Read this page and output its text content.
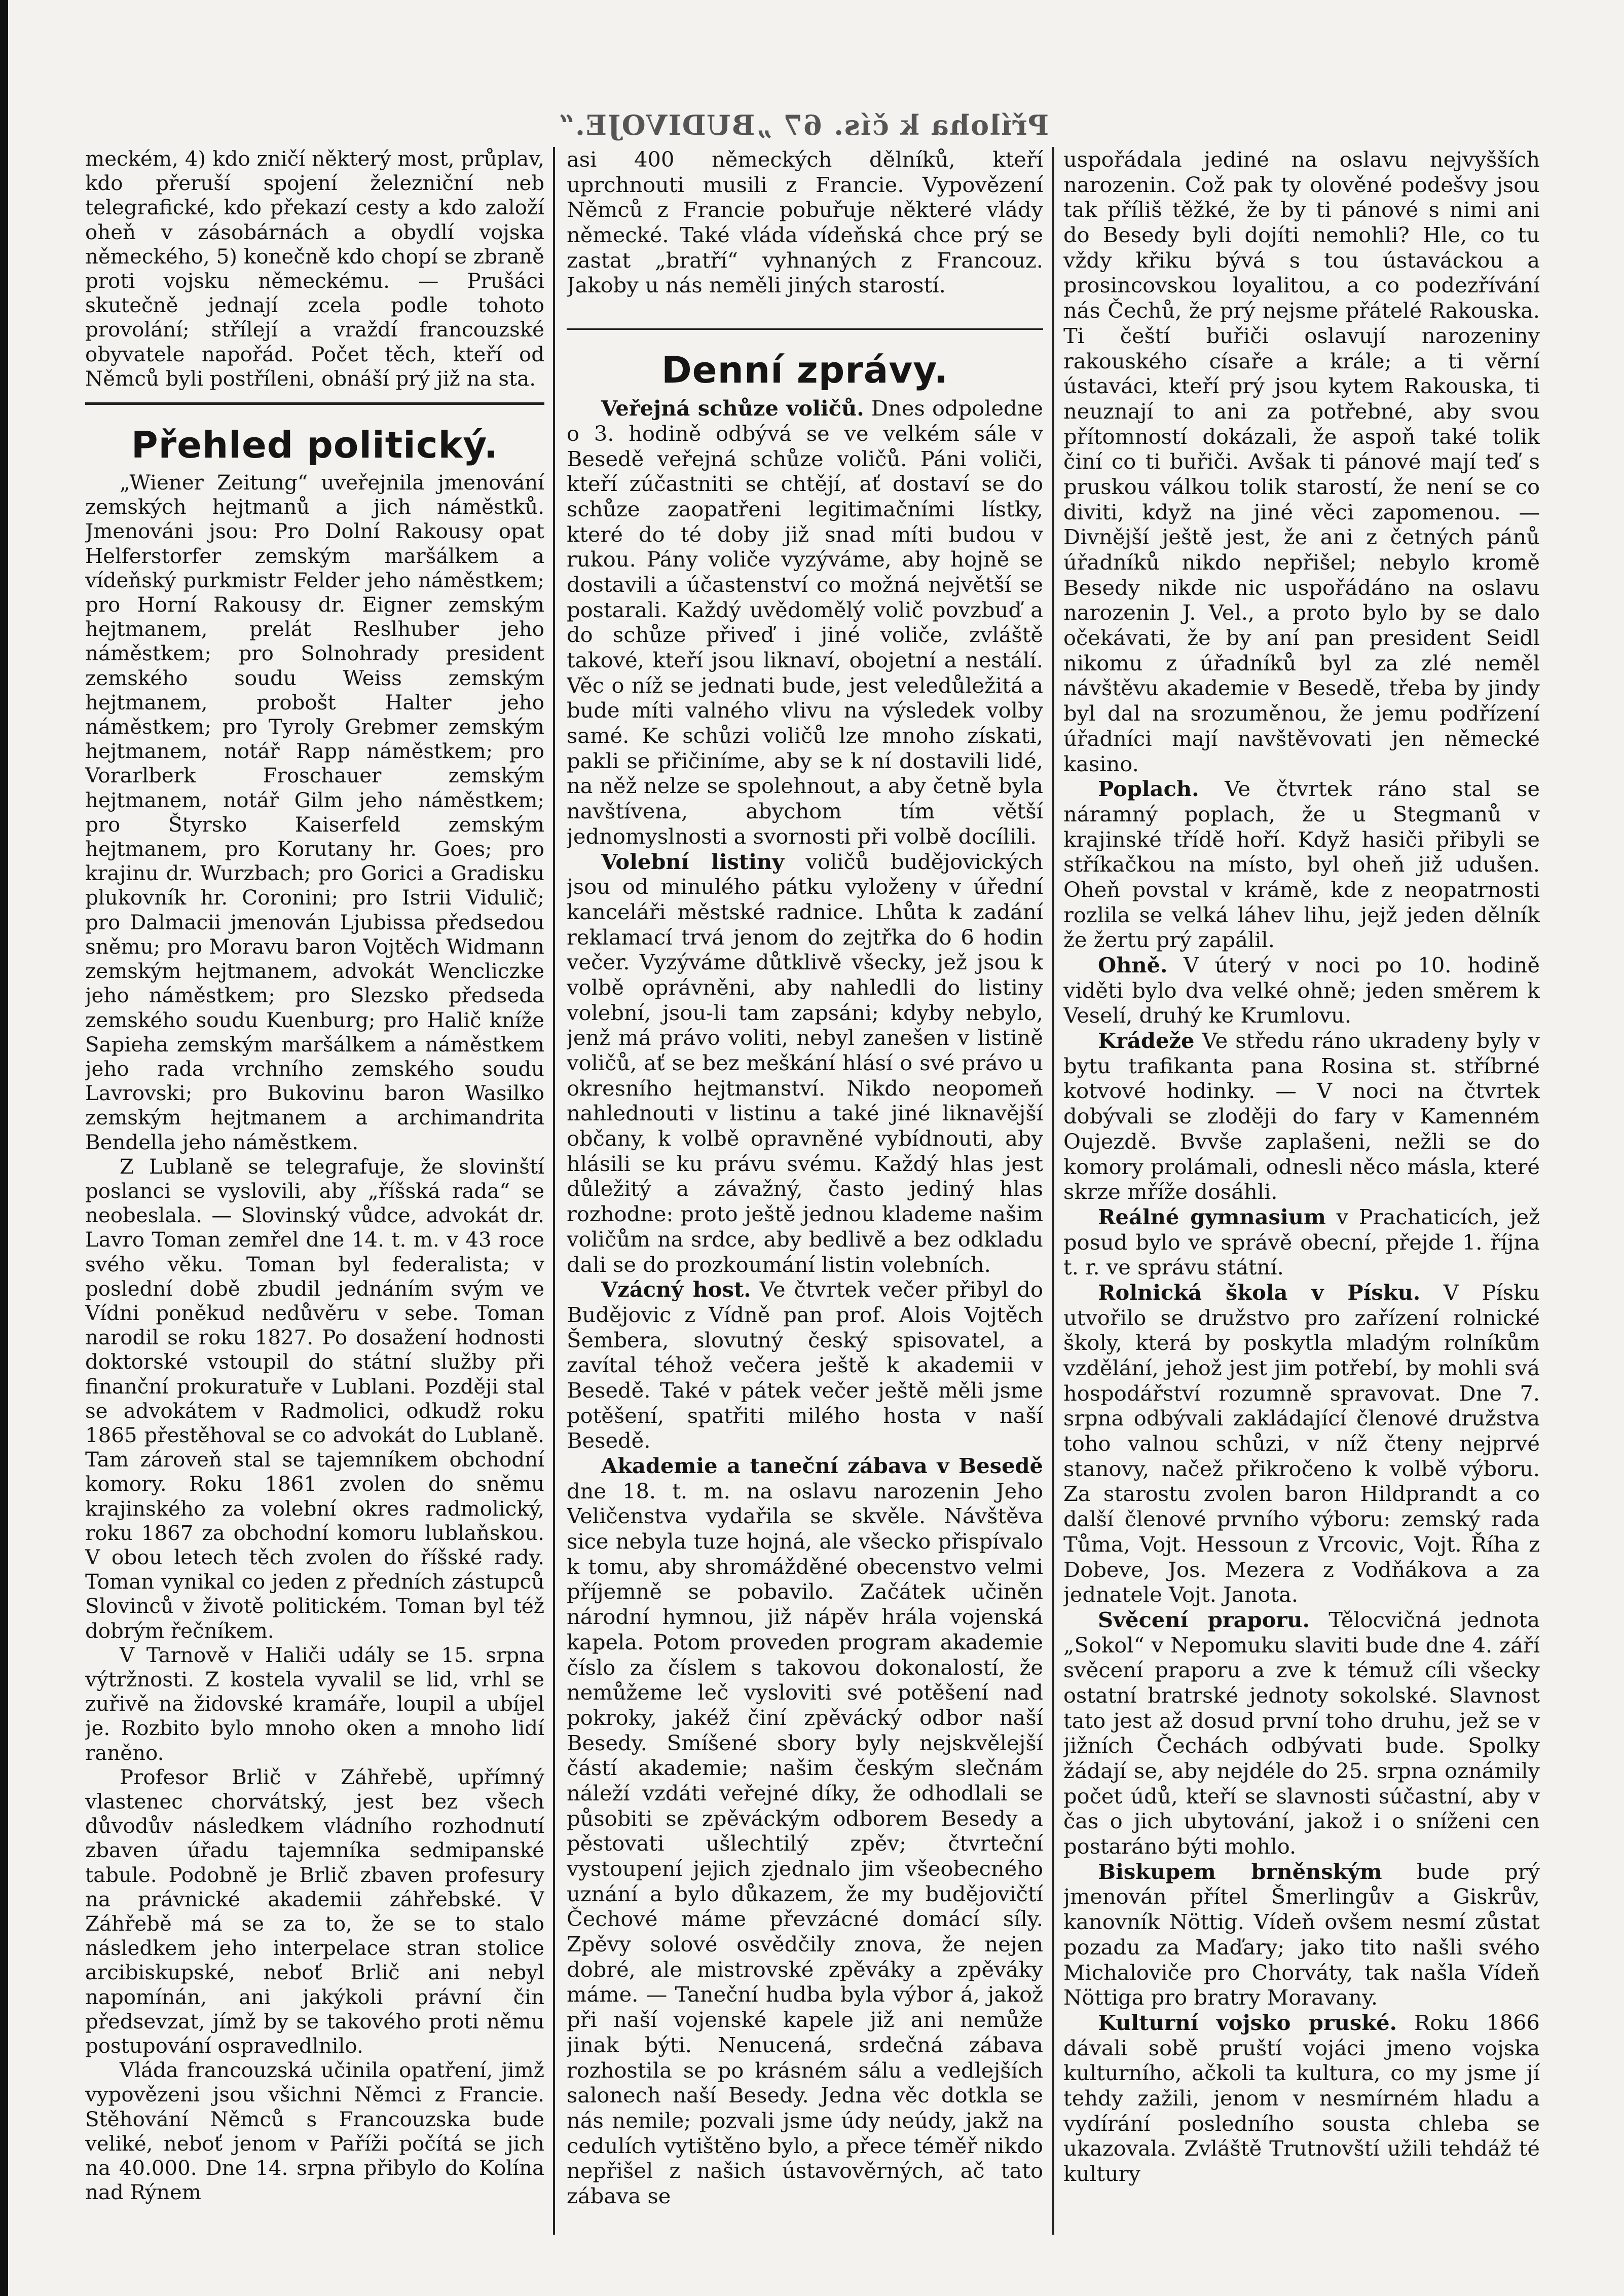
Příloha k čís. 67 „BUDIVOJE.“

meckém, 4) kdo zničí některý most, průplav, kdo přeruší spojení železniční neb telegrafické, kdo překazí cesty a kdo založí oheň v zásobárnách a obydlí vojska německého, 5) konečně kdo chopí se zbraně proti vojsku německému. — Prušáci skutečně jednají zcela podle tohoto provolání; střílejí a vraždí francouzské obyvatele napořád. Počet těch, kteří od Němců byli postříleni, obnáší prý již na sta.

Přehled politický.

„Wiener Zeitung“ uveřejnila jmenování zemských hejtmanů a jich náměstků. Jmenováni jsou: Pro Dolní Rakousy opat Helferstorfer zemským maršálkem a vídeňský purkmistr Felder jeho náměstkem; pro Horní Rakousy dr. Eigner zemským hejtmanem, prelát Reslhuber jeho náměstkem; pro Solnohrady president zemského soudu Weiss zemským hejtmanem, probošt Halter jeho náměstkem; pro Tyroly Grebmer zemským hejtmanem, notář Rapp náměstkem; pro Vorarlberk Froschauer zemským hejtmanem, notář Gilm jeho náměstkem; pro Štyrsko Kaiserfeld zemským hejtmanem, pro Korutany hr. Goes; pro krajinu dr. Wurzbach; pro Gorici a Gradisku plukovník hr. Coronini; pro Istrii Vidulič; pro Dalmacii jmenován Ljubissa předsedou sněmu; pro Moravu baron Vojtěch Widmann zemským hejtmanem, advokát Wencliczke jeho náměstkem; pro Slezsko předseda zemského soudu Kuenburg; pro Halič kníže Sapieha zemským maršálkem a náměstkem jeho rada vrchního zemského soudu Lavrovski; pro Bukovinu baron Wasilko zemským hejtmanem a archimandrita Bendella jeho náměstkem.

Z Lublaně se telegrafuje, že slovinští poslanci se vyslovili, aby „říšská rada“ se neobeslala. — Slovinský vůdce, advokát dr. Lavro Toman zemřel dne 14. t. m. v 43 roce svého věku. Toman byl federalista; v poslední době zbudil jednáním svým ve Vídni poněkud nedůvěru v sebe. Toman narodil se roku 1827. Po dosažení hodnosti doktorské vstoupil do státní služby při finanční prokuratuře v Lublani. Později stal se advokátem v Radmolici, odkudž roku 1865 přestěhoval se co advokát do Lublaně. Tam zároveň stal se tajemníkem obchodní komory. Roku 1861 zvolen do sněmu krajinského za volební okres radmolický, roku 1867 za obchodní komoru lublaňskou. V obou letech těch zvolen do říšské rady. Toman vynikal co jeden z předních zástupců Slovinců v životě politickém. Toman byl též dobrým řečníkem.

V Tarnově v Haliči udály se 15. srpna výtržnosti. Z kostela vyvalil se lid, vrhl se zuřivě na židovské kramáře, loupil a ubíjel je. Rozbito bylo mnoho oken a mnoho lidí raněno.

Profesor Brlič v Záhřebě, upřímný vlastenec chorvátský, jest bez všech důvodův následkem vládního rozhodnutí zbaven úřadu tajemníka sedmipanské tabule. Podobně je Brlič zbaven profesury na právnické akademii záhřebské. V Záhřebě má se za to, že se to stalo následkem jeho interpelace stran stolice arcibiskupské, neboť Brlič ani nebyl napomínán, ani jakýkoli právní čin předsevzat, jímž by se takového proti němu postupování ospravedlnilo.

Vláda francouzská učinila opatření, jimž vypovězeni jsou všichni Němci z Francie. Stěhování Němců s Francouzska bude veliké, neboť jenom v Paříži počítá se jich na 40.000. Dne 14. srpna přibylo do Kolína nad Rýnem

asi 400 německých dělníků, kteří uprchnouti musili z Francie. Vypovězení Němců z Francie pobuřuje některé vlády německé. Také vláda vídeňská chce prý se zastat „bratří“ vyhnaných z Francouz. Jakoby u nás neměli jiných starostí.

Denní zprávy.

Veřejná schůze voličů. Dnes odpoledne o 3. hodině odbývá se ve velkém sále v Besedě veřejná schůze voličů. Páni voliči, kteří zúčastniti se chtějí, ať dostaví se do schůze zaopatřeni legitimačními lístky, které do té doby již snad míti budou v rukou. Pány voliče vyzýváme, aby hojně se dostavili a účastenství co možná největší se postarali. Každý uvědomělý volič povzbuď a do schůze přiveď i jiné voliče, zvláště takové, kteří jsou liknaví, obojetní a nestálí. Věc o níž se jednati bude, jest veledůležitá a bude míti valného vlivu na výsledek volby samé. Ke schůzi voličů lze mnoho získati, pakli se přičiníme, aby se k ní dostavili lidé, na něž nelze se spolehnout, a aby četně byla navštívena, abychom tím větší jednomyslnosti a svornosti při volbě docílili.

Volební listiny voličů budějovických jsou od minulého pátku vyloženy v úřední kanceláři městské radnice. Lhůta k zadání reklamací trvá jenom do zejtřka do 6 hodin večer. Vyzýváme důtklivě všecky, jež jsou k volbě oprávněni, aby nahledli do listiny volební, jsou-li tam zapsáni; kdyby nebylo, jenž má právo voliti, nebyl zanešen v listině voličů, ať se bez meškání hlásí o své právo u okresního hejtmanství. Nikdo neopomeň nahlednouti v listinu a také jiné liknavější občany, k volbě opravněné vybídnouti, aby hlásili se ku právu svému. Každý hlas jest důležitý a závažný, často jediný hlas rozhodne: proto ještě jednou klademe našim voličům na srdce, aby bedlivě a bez odkladu dali se do prozkoumání listin volebních.

Vzácný host. Ve čtvrtek večer přibyl do Budějovic z Vídně pan prof. Alois Vojtěch Šembera, slovutný český spisovatel, a zavítal téhož večera ještě k akademii v Besedě. Také v pátek večer ještě měli jsme potěšení, spatřiti milého hosta v naší Besedě.

Akademie a taneční zábava v Besedě dne 18. t. m. na oslavu narozenin Jeho Veličenstva vydařila se skvěle. Návštěva sice nebyla tuze hojná, ale všecko přispívalo k tomu, aby shromážděné obecenstvo velmi příjemně se pobavilo. Začátek učiněn národní hymnou, již nápěv hrála vojenská kapela. Potom proveden program akademie číslo za číslem s takovou dokonalostí, že nemůžeme leč vysloviti své potěšení nad pokroky, jakéž činí zpěvácký odbor naší Besedy. Smíšené sbory byly nejskvělejší částí akademie; našim českým slečnám náleží vzdáti veřejné díky, že odhodlali se působiti se zpěváckým odborem Besedy a pěstovati ušlechtilý zpěv; čtvrteční vystoupení jejich zjednalo jim všeobecného uznání a bylo důkazem, že my budějovičtí Čechové máme převzácné domácí síly. Zpěvy solové osvědčily znova, že nejen dobré, ale mistrovské zpěváky a zpěváky máme. — Taneční hudba byla výbor á, jakož při naší vojenské kapele již ani nemůže jinak býti. Nenucená, srdečná zábava rozhostila se po krásném sálu a vedlejších salonech naší Besedy. Jedna věc dotkla se nás nemile; pozvali jsme údy neúdy, jakž na cedulích vytištěno bylo, a přece téměř nikdo nepřišel z našich ústavověrných, ač tato zábava se

uspořádala jediné na oslavu nejvyšších narozenin. Což pak ty olověné podešvy jsou tak příliš těžké, že by ti pánové s nimi ani do Besedy byli dojíti nemohli? Hle, co tu vždy křiku bývá s tou ústaváckou a prosincovskou loyalitou, a co podezřívání nás Čechů, že prý nejsme přátelé Rakouska. Ti čeští buřiči oslavují narozeniny rakouského císaře a krále; a ti věrní ústaváci, kteří prý jsou kytem Rakouska, ti neuznají to ani za potřebné, aby svou přítomností dokázali, že aspoň také tolik činí co ti buřiči. Avšak ti pánové mají teď s pruskou válkou tolik starostí, že není se co diviti, když na jiné věci zapomenou. — Divnější ještě jest, že ani z četných pánů úřadníků nikdo nepřišel; nebylo kromě Besedy nikde nic uspořádáno na oslavu narozenin J. Vel., a proto bylo by se dalo očekávati, že by aní pan president Seidl nikomu z úřadníků byl za zlé neměl návštěvu akademie v Besedě, třeba by jindy byl dal na srozuměnou, že jemu podřízení úřadníci mají navštěvovati jen německé kasino.

Poplach. Ve čtvrtek ráno stal se náramný poplach, že u Stegmanů v krajinské třídě hoří. Když hasiči přibyli se stříkačkou na místo, byl oheň již udušen. Oheň povstal v krámě, kde z neopatrnosti rozlila se velká láhev lihu, jejž jeden dělník že žertu prý zapálil.

Ohně. V úterý v noci po 10. hodině viděti bylo dva velké ohně; jeden směrem k Veselí, druhý ke Krumlovu.

Krádeže Ve středu ráno ukradeny byly v bytu trafikanta pana Rosina st. stříbrné kotvové hodinky. — V noci na čtvrtek dobývali se zloději do fary v Kamenném Oujezdě. Bvvše zaplašeni, nežli se do komory prolámali, odnesli něco másla, které skrze mříže dosáhli.

Reálné gymnasium v Prachaticích, jež posud bylo ve správě obecní, přejde 1. října t. r. ve správu státní.

Rolnická škola v Písku. V Písku utvořilo se družstvo pro zařízení rolnické školy, která by poskytla mladým rolníkům vzdělání, jehož jest jim potřebí, by mohli svá hospodářství rozumně spravovat. Dne 7. srpna odbývali zakládající členové družstva toho valnou schůzi, v níž čteny nejprvé stanovy, načež přikročeno k volbě výboru. Za starostu zvolen baron Hildprandt a co další členové prvního výboru: zemský rada Tůma, Vojt. Hessoun z Vrcovic, Vojt. Říha z Dobeve, Jos. Mezera z Vodňákova a za jednatele Vojt. Janota.

Svěcení praporu. Tělocvičná jednota „Sokol“ v Nepomuku slaviti bude dne 4. září svěcení praporu a zve k témuž cíli všecky ostatní bratrské jednoty sokolské. Slavnost tato jest až dosud první toho druhu, jež se v jižních Čechách odbývati bude. Spolky žádají se, aby nejdéle do 25. srpna oznámily počet údů, kteří se slavnosti súčastní, aby v čas o jich ubytování, jakož i o sníženi cen postaráno býti mohlo.

Biskupem brněnským bude prý jmenován přítel Šmerlingův a Giskrův, kanovník Nöttig. Vídeň ovšem nesmí zůstat pozadu za Maďary; jako tito našli svého Michaloviče pro Chorváty, tak našla Vídeň Nöttiga pro bratry Moravany.

Kulturní vojsko pruské. Roku 1866 dávali sobě pruští vojáci jmeno vojska kulturního, ačkoli ta kultura, co my jsme jí tehdy zažili, jenom v nesmírném hladu a vydírání posledního sousta chleba se ukazovala. Zvláště Trutnovští užili tehdáž té kultury
